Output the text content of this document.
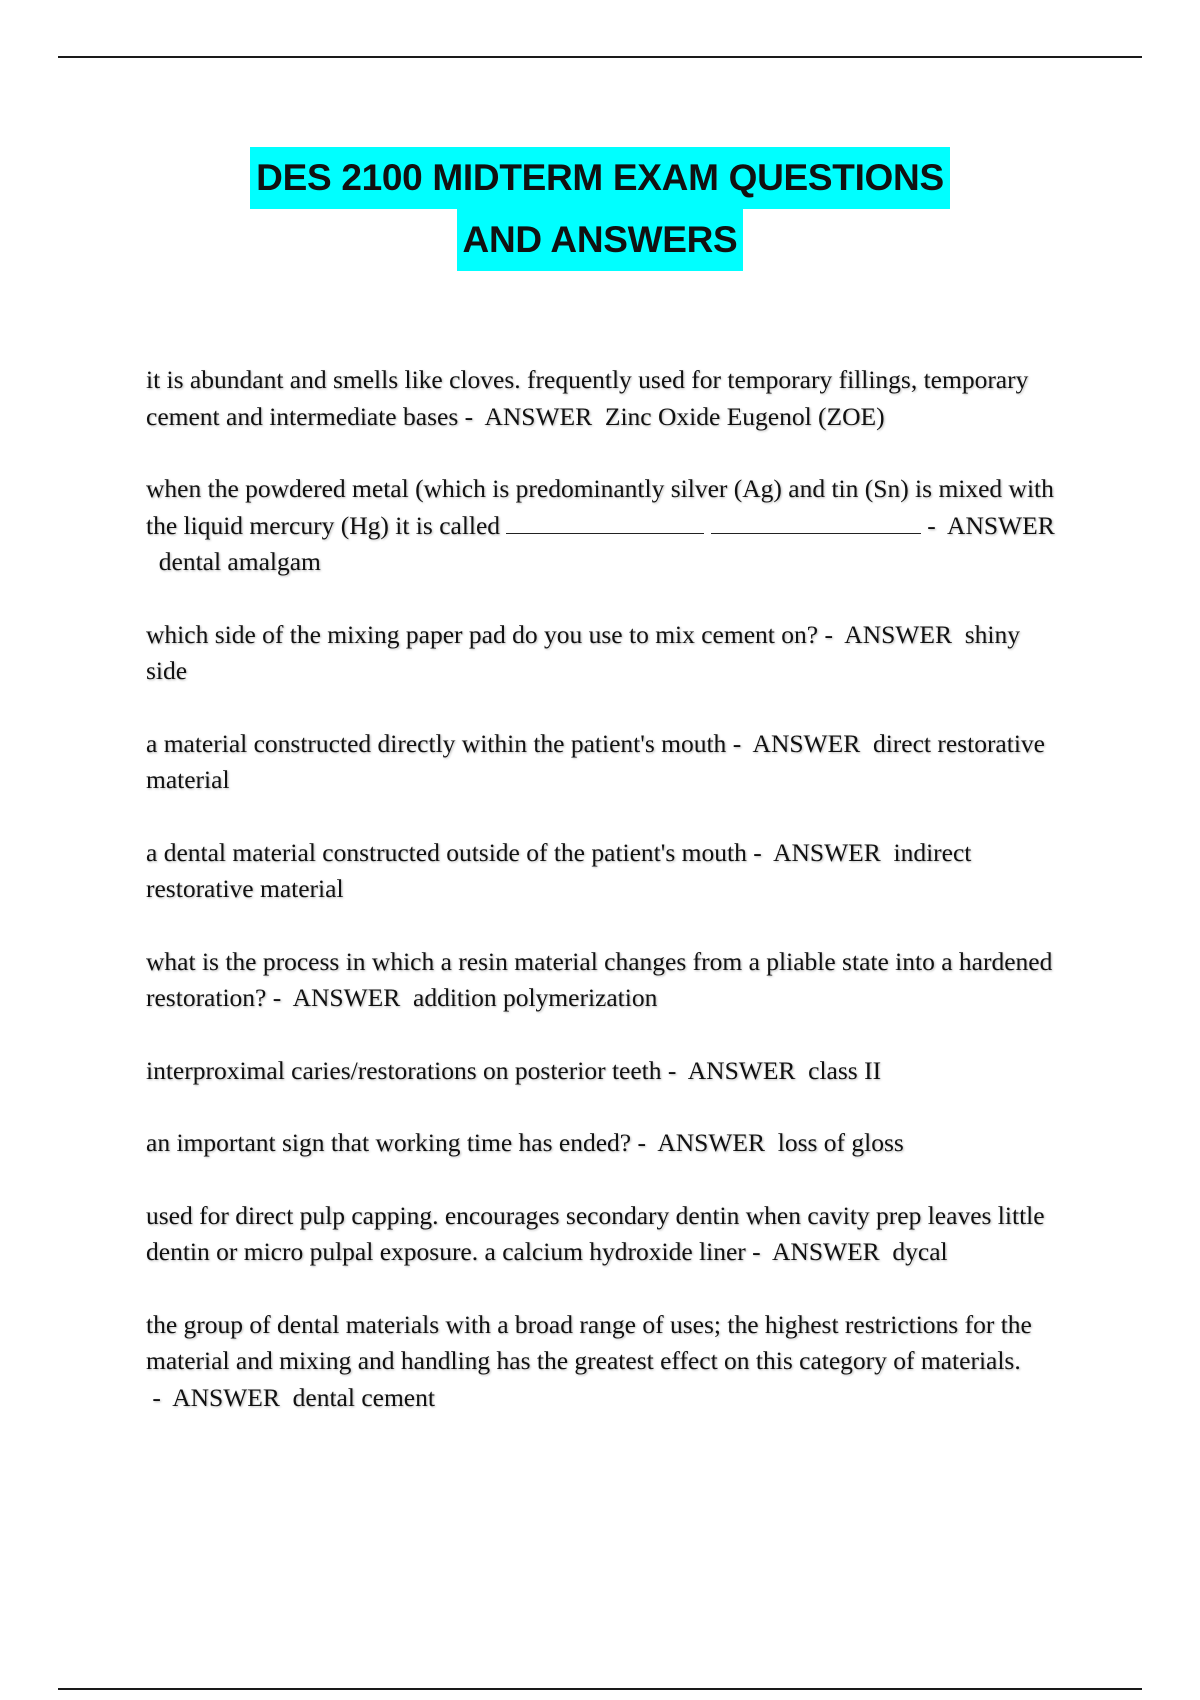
DES 2100 MIDTERM EXAM QUESTIONS
AND ANSWERS
it is abundant and smells like cloves. frequently used for temporary fillings, temporary cement and intermediate bases -  ANSWER Zinc Oxide Eugenol (ZOE)
when the powdered metal (which is predominantly silver (Ag) and tin (Sn) is mixed with the liquid mercury (Hg) it is called	-  ANSWER  dental amalgam
which side of the mixing paper pad do you use to mix cement on? -  ANSWER shiny side
a material constructed directly within the patient's mouth -  ANSWER direct restorative material
a dental material constructed outside of the patient's mouth -  ANSWER indirect restorative material
what is the process in which a resin material changes from a pliable state into a hardened restoration? -  ANSWER addition polymerization
interproximal caries/restorations on posterior teeth -  ANSWER class II
an important sign that working time has ended? -  ANSWER loss of gloss
used for direct pulp capping. encourages secondary dentin when cavity prep leaves little dentin or micro pulpal exposure. a calcium hydroxide liner -  ANSWER dycal
the group of dental materials with a broad range of uses; the highest restrictions for the material and mixing and handling has the greatest effect on this category of materials. -  ANSWER dental cement
